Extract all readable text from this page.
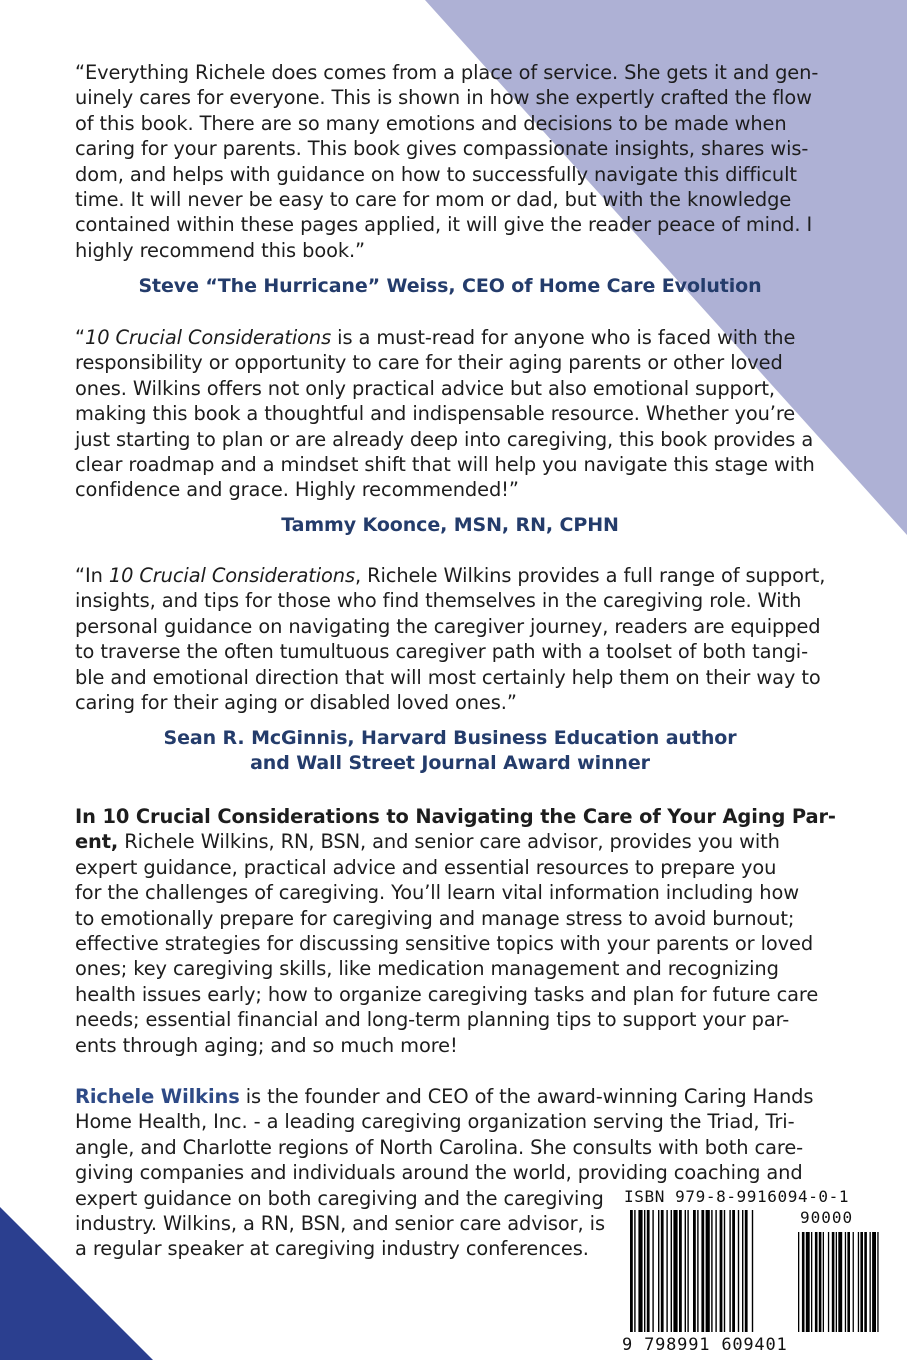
“Everything Richele does comes from a place of service. She gets it and gen-
uinely cares for everyone. This is shown in how she expertly crafted the flow
of this book. There are so many emotions and decisions to be made when
caring for your parents. This book gives compassionate insights, shares wis-
dom, and helps with guidance on how to successfully navigate this difficult
time. It will never be easy to care for mom or dad, but with the knowledge
contained within these pages applied, it will give the reader peace of mind. I
highly recommend this book.”

Steve “The Hurricane” Weiss, CEO of Home Care Evolution

“10 Crucial Considerations is a must-read for anyone who is faced with the
responsibility or opportunity to care for their aging parents or other loved
ones. Wilkins offers not only practical advice but also emotional support,
making this book a thoughtful and indispensable resource. Whether you’re
just starting to plan or are already deep into caregiving, this book provides a
clear roadmap and a mindset shift that will help you navigate this stage with
confidence and grace. Highly recommended!”

Tammy Koonce, MSN, RN, CPHN

“In 10 Crucial Considerations, Richele Wilkins provides a full range of support,
insights, and tips for those who find themselves in the caregiving role. With
personal guidance on navigating the caregiver journey, readers are equipped
to traverse the often tumultuous caregiver path with a toolset of both tangi-
ble and emotional direction that will most certainly help them on their way to
caring for their aging or disabled loved ones.”

Sean R. McGinnis, Harvard Business Education author
and Wall Street Journal Award winner

In 10 Crucial Considerations to Navigating the Care of Your Aging Par-
ent, Richele Wilkins, RN, BSN, and senior care advisor, provides you with
expert guidance, practical advice and essential resources to prepare you
for the challenges of caregiving. You’ll learn vital information including how
to emotionally prepare for caregiving and manage stress to avoid burnout;
effective strategies for discussing sensitive topics with your parents or loved
ones; key caregiving skills, like medication management and recognizing
health issues early; how to organize caregiving tasks and plan for future care
needs; essential financial and long-term planning tips to support your par-
ents through aging; and so much more!

Richele Wilkins is the founder and CEO of the award-winning Caring Hands
Home Health, Inc. - a leading caregiving organization serving the Triad, Tri-
angle, and Charlotte regions of North Carolina. She consults with both care-
giving companies and individuals around the world, providing coaching and
expert guidance on both caregiving and the caregiving
industry. Wilkins, a RN, BSN, and senior care advisor, is
a regular speaker at caregiving industry conferences.

ISBN 979-8-9916094-0-1
90000
9 798991 609401
